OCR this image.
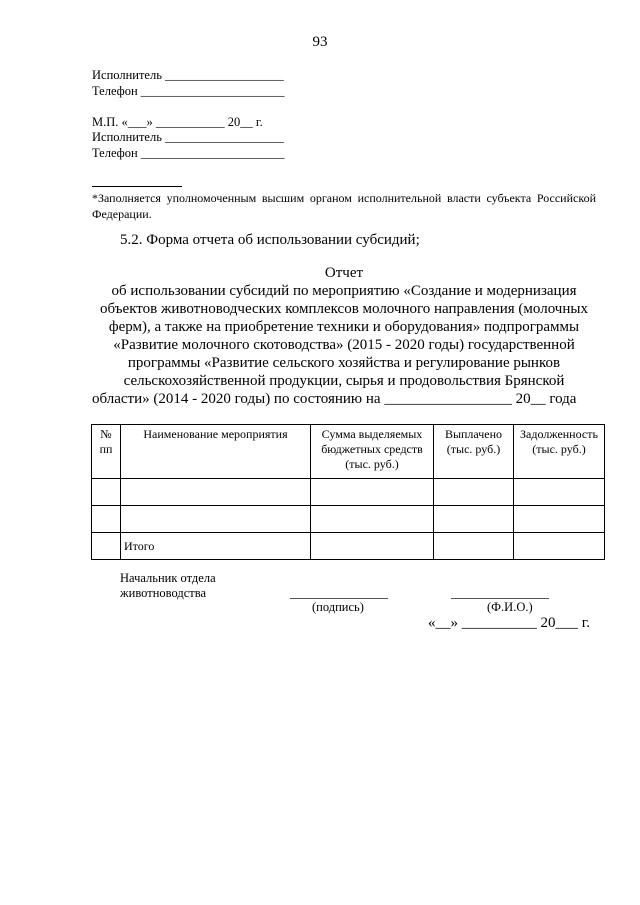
93
Исполнитель ___________________
Телефон _______________________
М.П. «___» ___________ 20__ г.
Исполнитель ___________________
Телефон _______________________
*Заполняется уполномоченным высшим органом исполнительной власти субъекта Российской Федерации.
5.2. Форма отчета об использовании субсидий;
Отчет
об использовании субсидий по мероприятию «Создание и модернизация
объектов животноводческих комплексов молочного направления (молочных
ферм), а также на приобретение техники и оборудования» подпрограммы
«Развитие молочного скотоводства» (2015 - 2020 годы) государственной
программы «Развитие сельского хозяйства и регулирование рынков
сельскохозяйственной продукции, сырья и продовольствия Брянской
области» (2014 - 2020 годы) по состоянию на _________________ 20__ года
№ пп	Наименование мероприятия	Сумма выделяемых бюджетных средств (тыс. руб.)	Выплачено (тыс. руб.)	Задолженность (тыс. руб.)

	Итого			
Начальник отдела
животноводства
(подпись)	(Ф.И.О.)
«__» __________ 20___ г.
